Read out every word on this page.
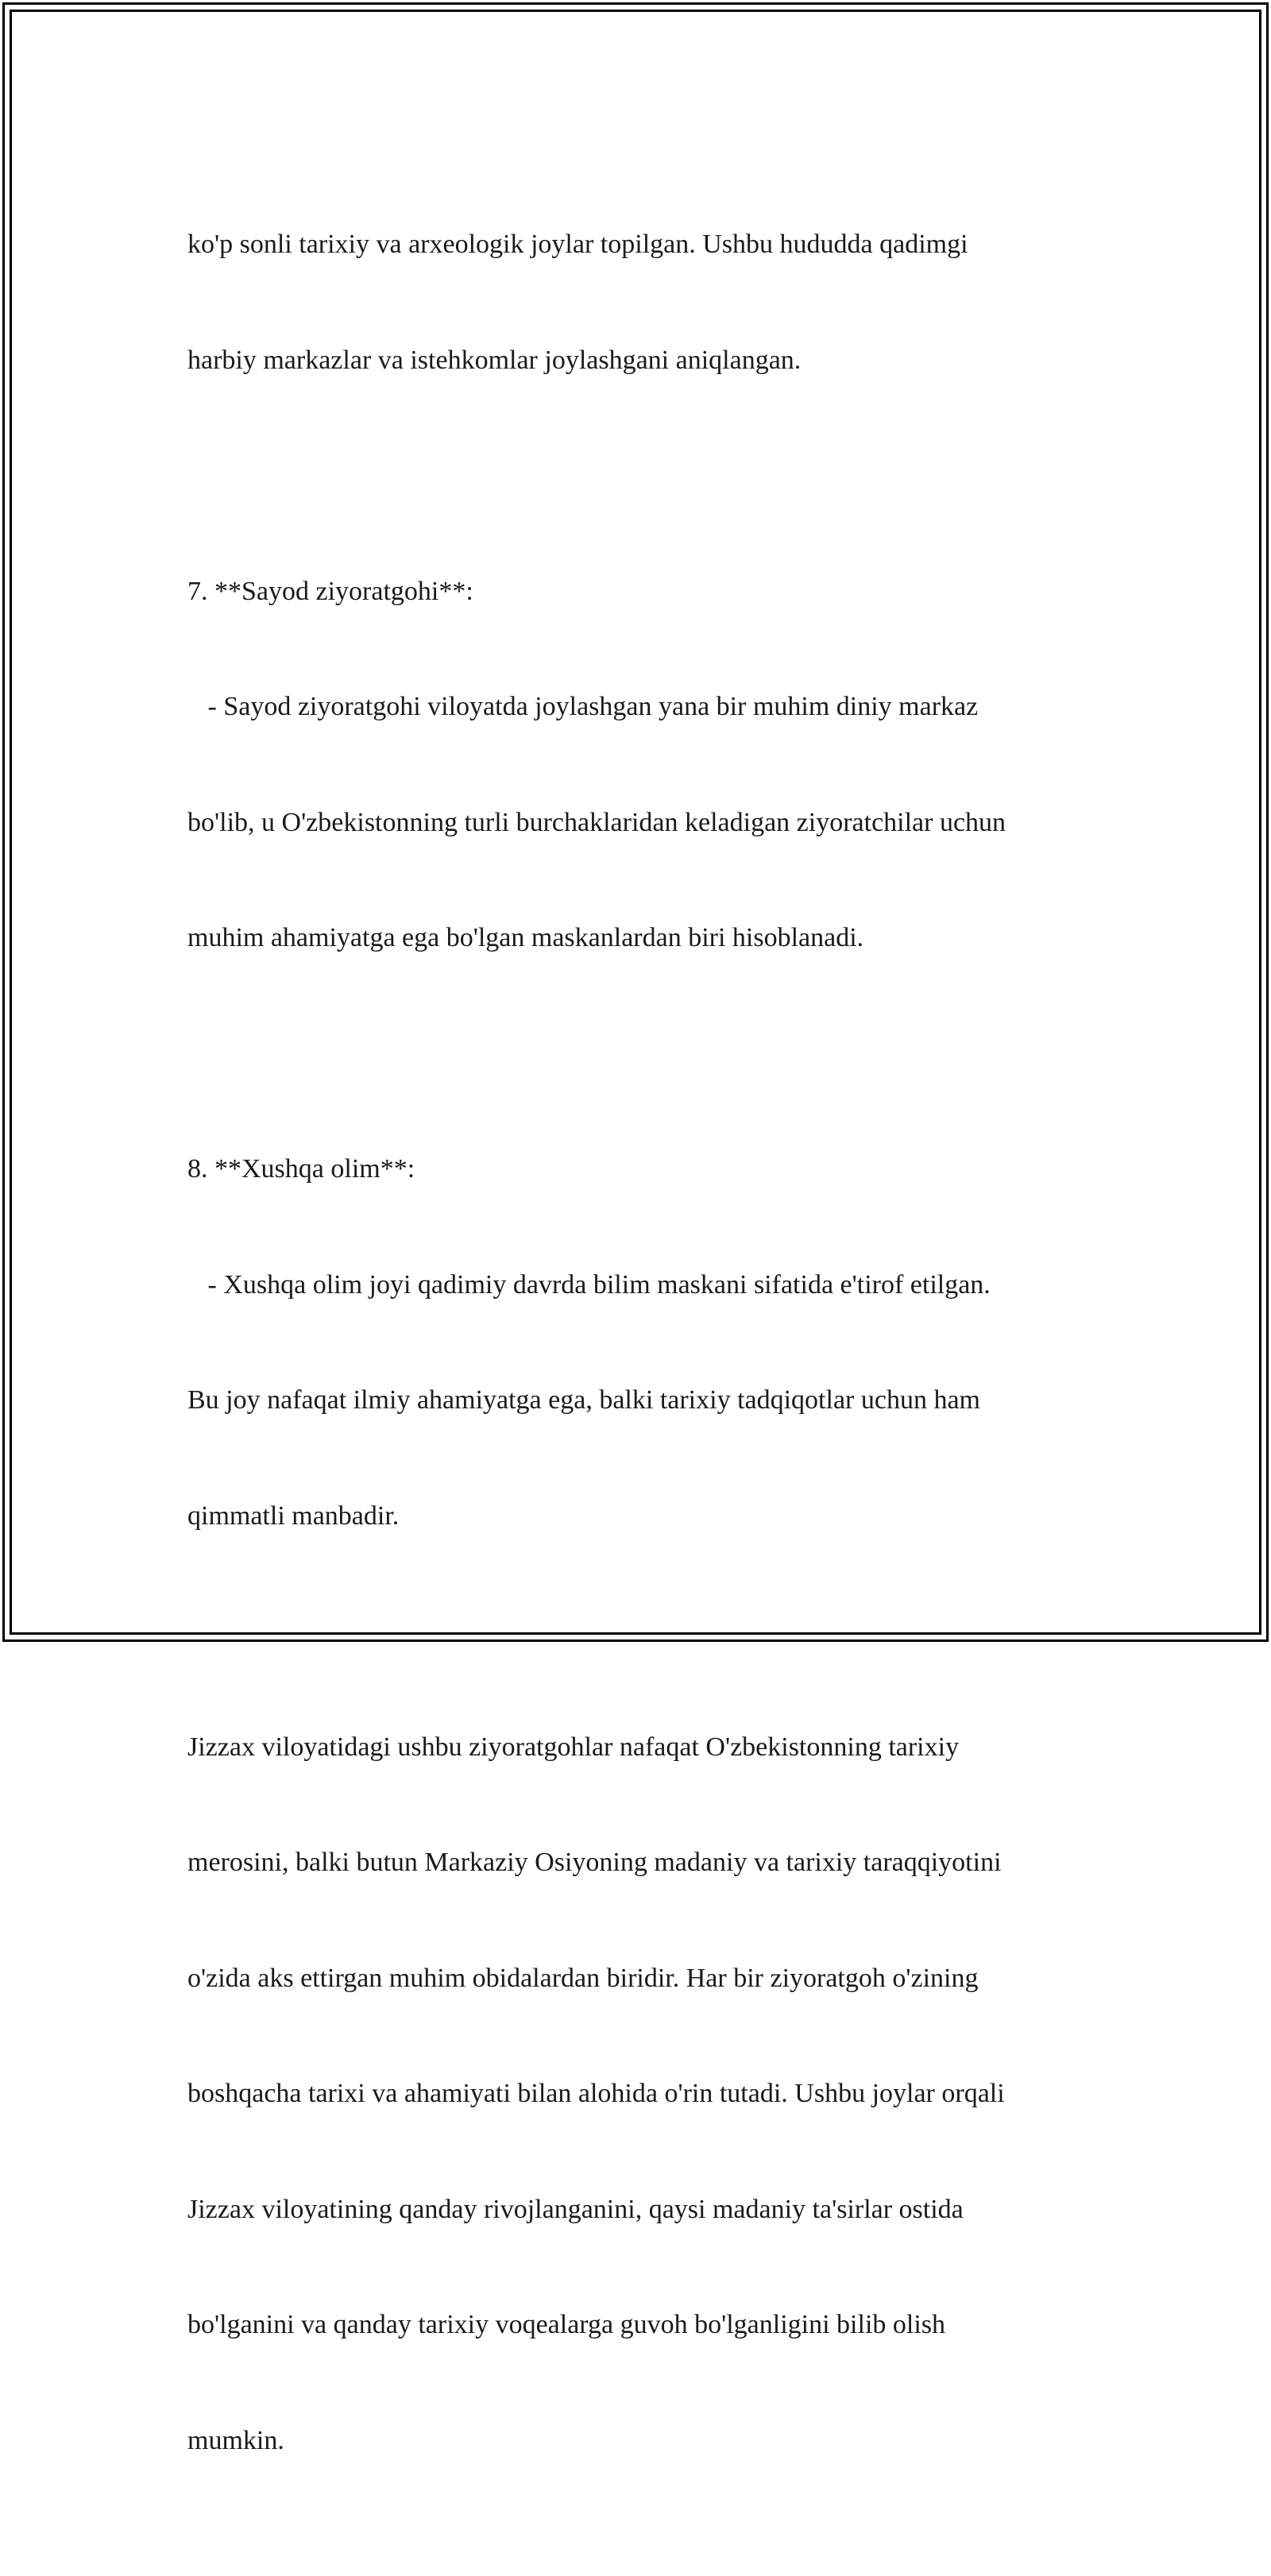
ko'p sonli tarixiy va arxeologik joylar topilgan. Ushbu hududda qadimgi

harbiy markazlar va istehkomlar joylashgani aniqlangan.

7. **Sayod ziyoratgohi**:

- Sayod ziyoratgohi viloyatda joylashgan yana bir muhim diniy markaz

bo'lib, u O'zbekistonning turli burchaklaridan keladigan ziyoratchilar uchun

muhim ahamiyatga ega bo'lgan maskanlardan biri hisoblanadi.

8. **Xushqa olim**:

- Xushqa olim joyi qadimiy davrda bilim maskani sifatida e'tirof etilgan.

Bu joy nafaqat ilmiy ahamiyatga ega, balki tarixiy tadqiqotlar uchun ham

qimmatli manbadir.

Jizzax viloyatidagi ushbu ziyoratgohlar nafaqat O'zbekistonning tarixiy

merosini, balki butun Markaziy Osiyoning madaniy va tarixiy taraqqiyotini

o'zida aks ettirgan muhim obidalardan biridir. Har bir ziyoratgoh o'zining

boshqacha tarixi va ahamiyati bilan alohida o'rin tutadi. Ushbu joylar orqali

Jizzax viloyatining qanday rivojlanganini, qaysi madaniy ta'sirlar ostida

bo'lganini va qanday tarixiy voqealarga guvoh bo'lganligini bilib olish

mumkin.
